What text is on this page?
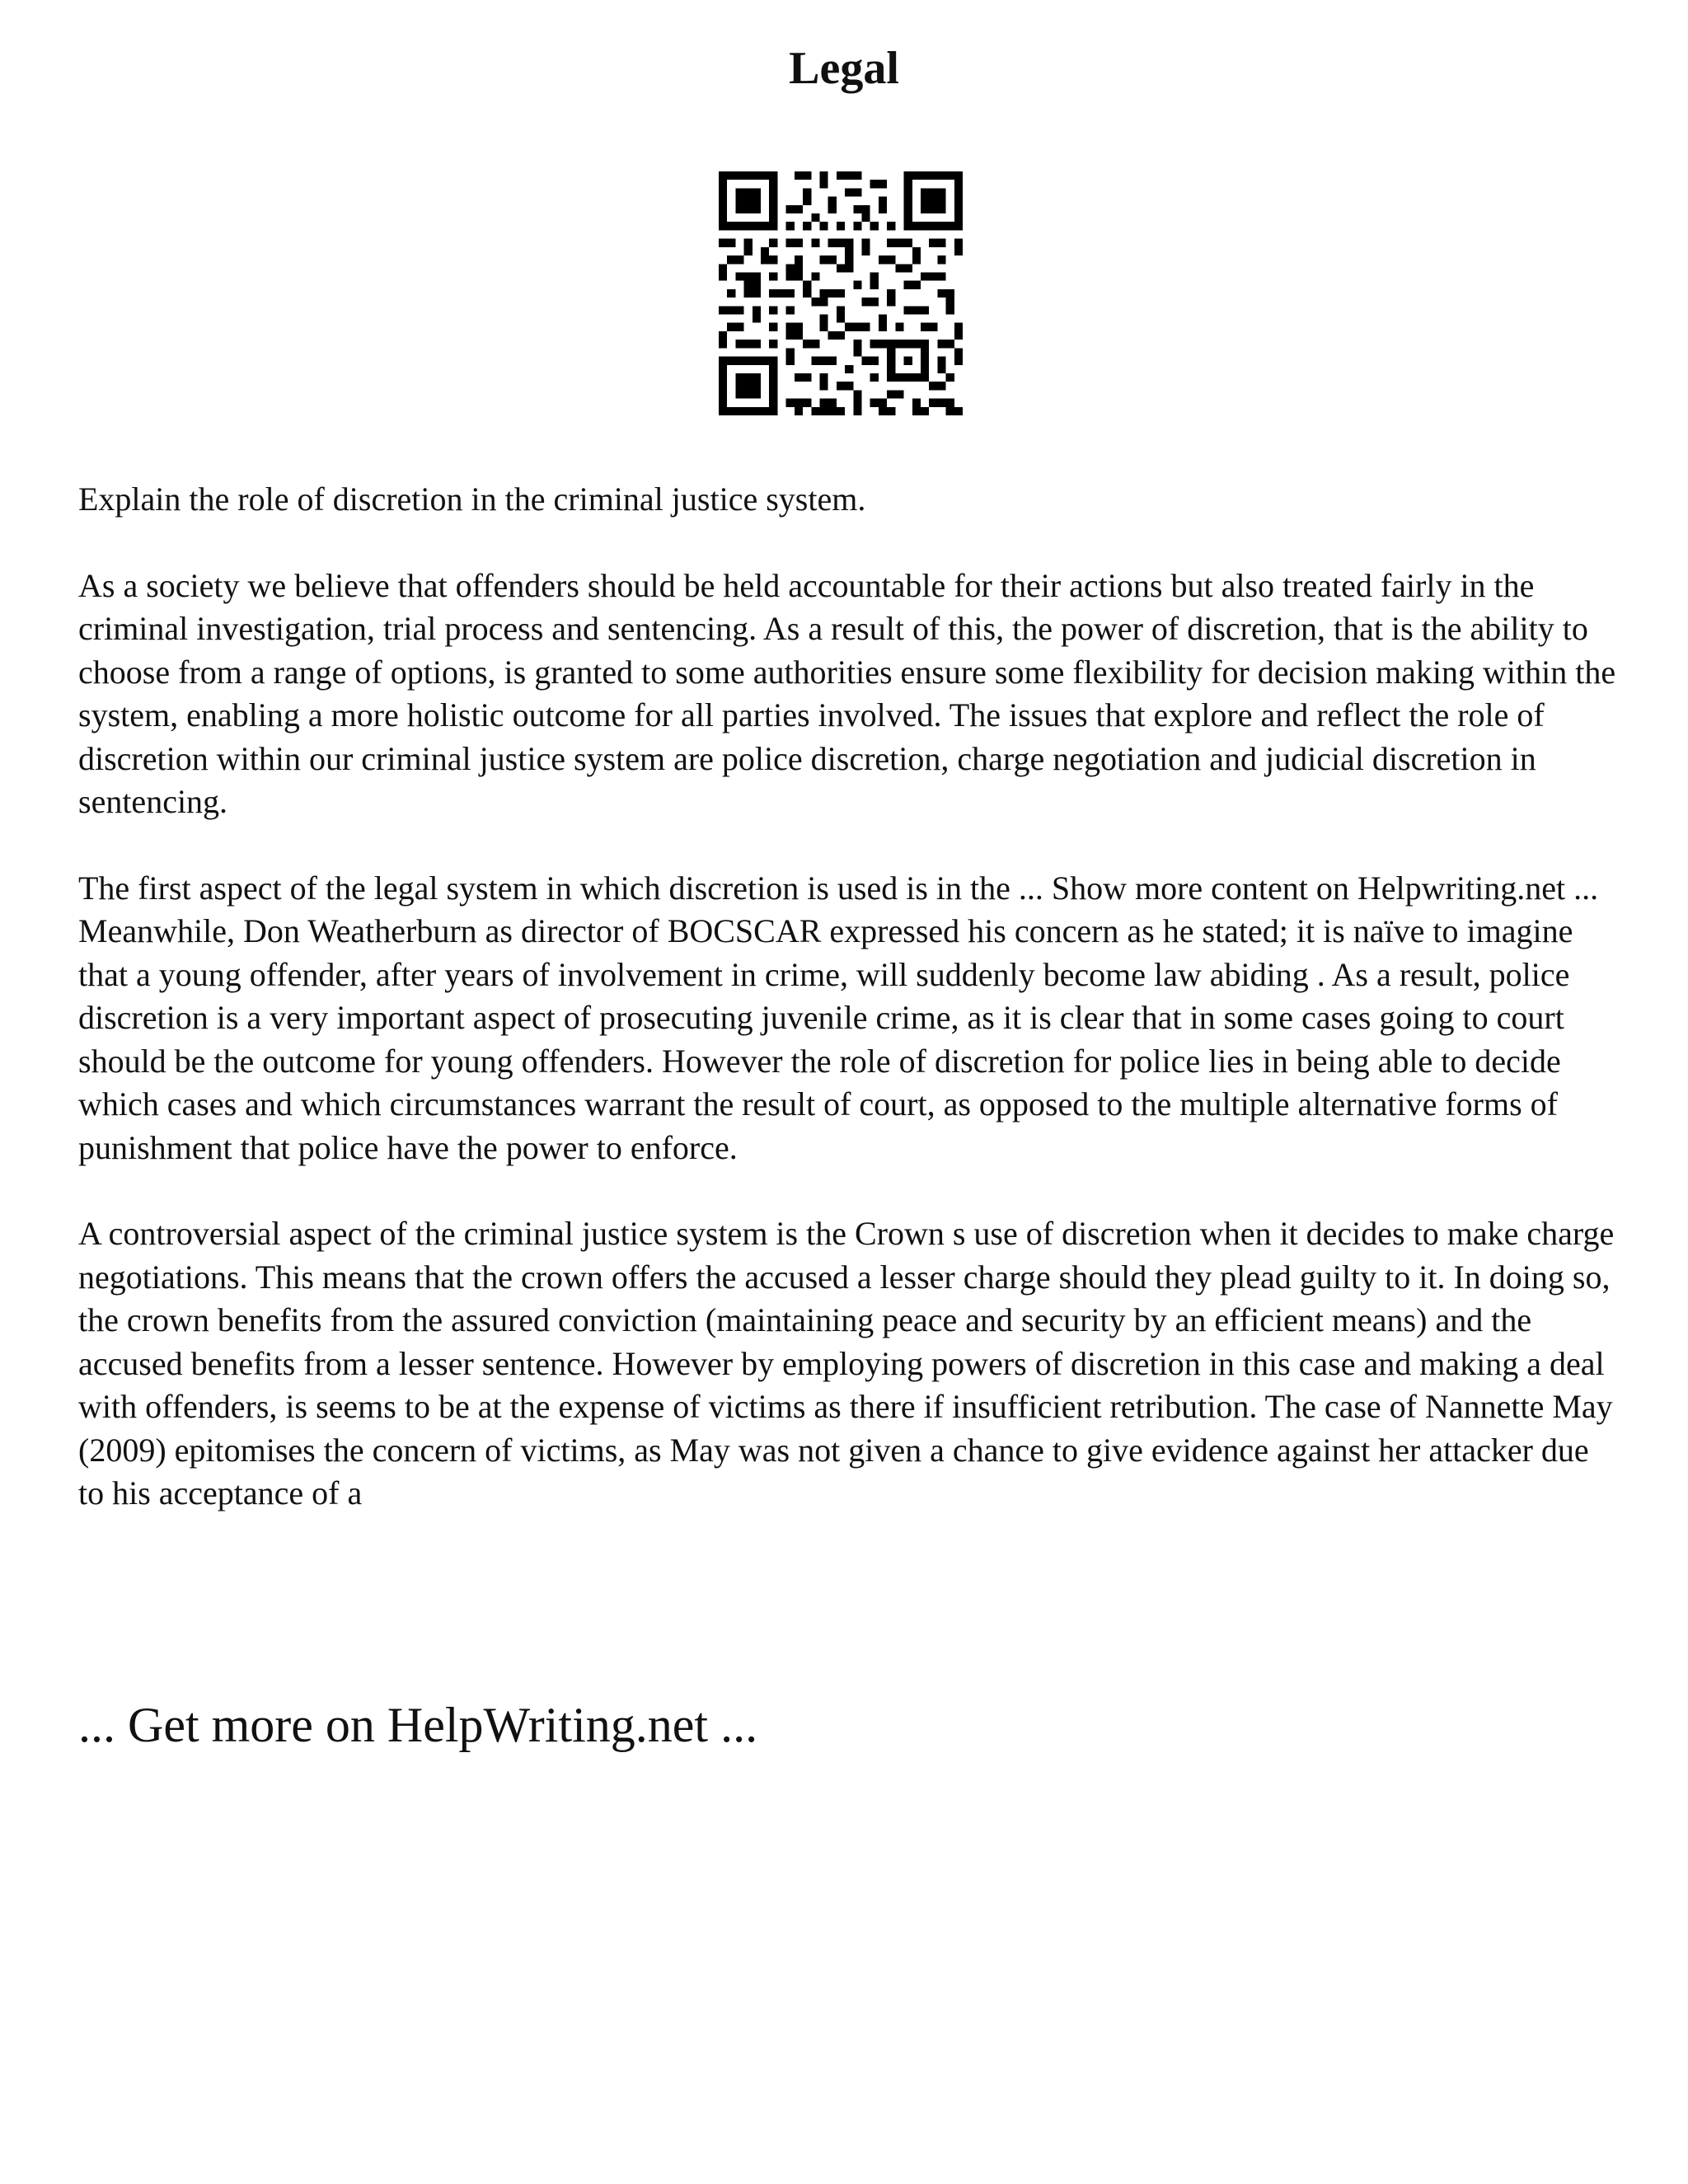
Legal

Explain the role of discretion in the criminal justice system.

As a society we believe that offenders should be held accountable for their actions but also treated fairly in the criminal investigation, trial process and sentencing. As a result of this, the power of discretion, that is the ability to choose from a range of options, is granted to some authorities ensure some flexibility for decision making within the system, enabling a more holistic outcome for all parties involved. The issues that explore and reflect the role of discretion within our criminal justice system are police discretion, charge negotiation and judicial discretion in sentencing.

The first aspect of the legal system in which discretion is used is in the ... Show more content on Helpwriting.net ...

Meanwhile, Don Weatherburn as director of BOCSCAR expressed his concern as he stated; it is naïve to imagine that a young offender, after years of involvement in crime, will suddenly become law abiding . As a result, police discretion is a very important aspect of prosecuting juvenile crime, as it is clear that in some cases going to court should be the outcome for young offenders. However the role of discretion for police lies in being able to decide which cases and which circumstances warrant the result of court, as opposed to the multiple alternative forms of punishment that police have the power to enforce.

A controversial aspect of the criminal justice system is the Crown s use of discretion when it decides to make charge negotiations. This means that the crown offers the accused a lesser charge should they plead guilty to it. In doing so, the crown benefits from the assured conviction (maintaining peace and security by an efficient means) and the accused benefits from a lesser sentence. However by employing powers of discretion in this case and making a deal with offenders, is seems to be at the expense of victims as there if insufficient retribution. The case of Nannette May (2009) epitomises the concern of victims, as May was not given a chance to give evidence against her attacker due to his acceptance of a

... Get more on HelpWriting.net ...
